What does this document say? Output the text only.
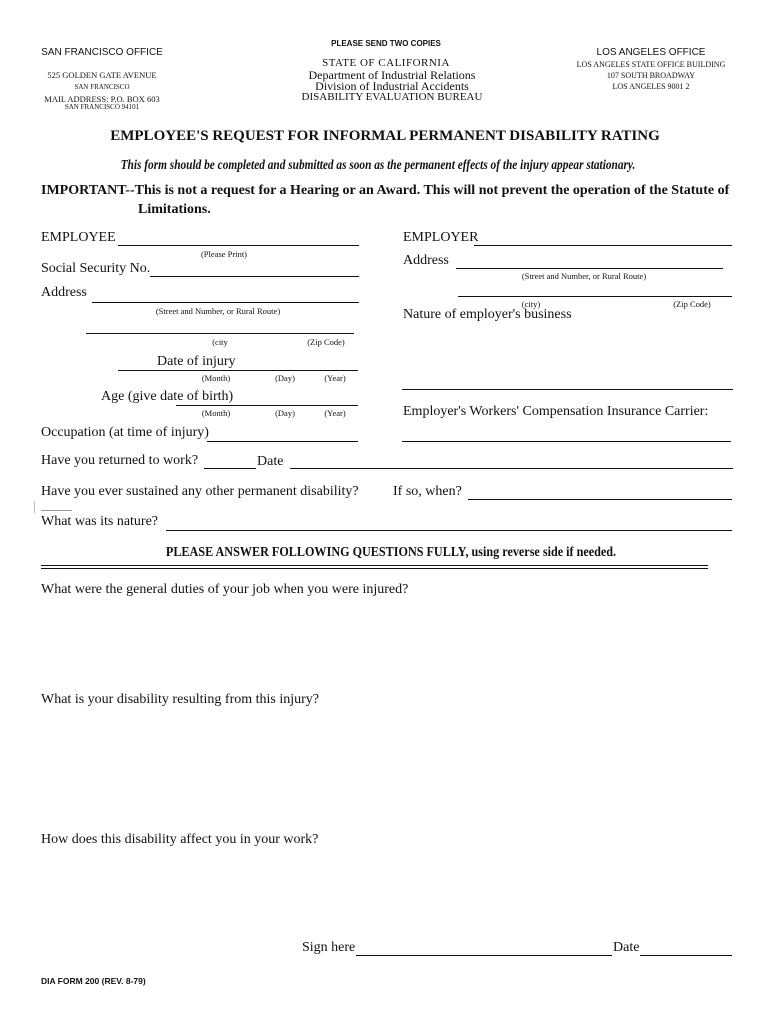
PLEASE SEND TWO COPIES
SAN FRANCISCO OFFICE
525 GOLDEN GATE AVENUE
SAN FRANCISCO
MAIL ADDRESS: P.O. BOX 603
SAN FRANCISCO 94101
STATE OF CALIFORNIA
Department of Industrial Relations
Division of Industrial Accidents
DISABILITY EVALUATION BUREAU
LOS ANGELES OFFICE
LOS ANGELES STATE OFFICE BUILDING
107 SOUTH BROADWAY
LOS ANGELES 9001 2
EMPLOYEE'S REQUEST FOR INFORMAL PERMANENT DISABILITY RATING
This form should be completed and submitted as soon as the permanent effects of the injury appear stationary.
IMPORTANT--This is not a request for a Hearing or an Award. This will not prevent the operation of the Statute of
Limitations.
EMPLOYEE
(Please Print)
Social Security No.
Address
(Street and Number, or Rural Route)
(city	(Zip Code)
Date of injury
(Month)	(Day)	(Year)
Age (give date of birth)
(Month)	(Day)	(Year)
Occupation (at time of injury)
EMPLOYER
Address
(Street and Number, or Rural Route)
(city)	(Zip Code)
Nature of employer's business
Employer's Workers' Compensation Insurance Carrier:
Have you returned to work?	Date
Have you ever sustained any other permanent disability? If so, when?
What was its nature?
PLEASE ANSWER FOLLOWING QUESTIONS FULLY, using reverse side if needed.
What were the general duties of your job when you were injured?
What is your disability resulting from this injury?
How does this disability affect you in your work?
Sign here	Date
DIA FORM 200 (REV. 8-79)
